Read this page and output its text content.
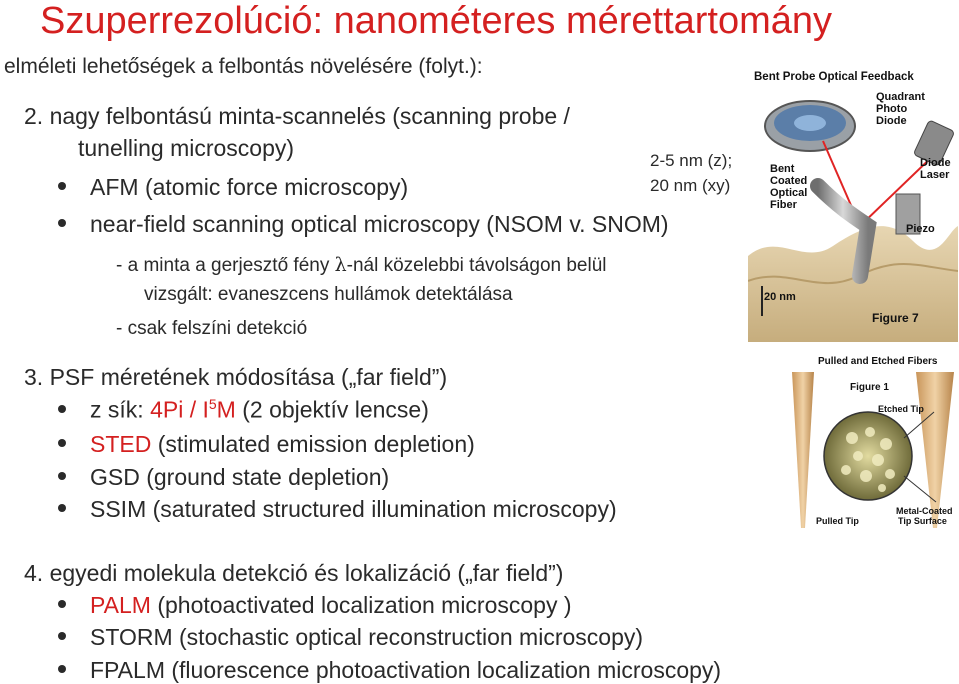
Szuperrezolúció: nanométeres mérettartomány
elméleti lehetőségek a felbontás növelésére (folyt.):
2. nagy felbontású minta-scannelés (scanning probe /
tunelling microscopy)	2-5 nm (z);
20 nm (xy)
AFM (atomic force microscopy)
near-field scanning optical microscopy (NSOM v. SNOM)
- a minta a gerjesztő fény λ-nál közelebbi távolságon belül
vizsgált: evaneszcens hullámok detektálása
- csak felszíni detekció
3. PSF méretének módosítása („far field”)
z sík: $4Pi / I^5M$ (2 objektív lencse)
STED (stimulated emission depletion)
GSD (ground state depletion)
SSIM (saturated structured illumination microscopy)
4. egyedi molekula detekció és lokalizáció („far field”)
PALM (photoactivated localization microscopy )
STORM (stochastic optical reconstruction microscopy)
FPALM (fluorescence photoactivation localization microscopy)
Bent Probe Optical Feedback
Quadrant
Photo
Diode
Bent
Coated
Optical
Fiber
Diode
Laser
Piezo
20 nm
Figure 7
Pulled and Etched Fibers
Figure 1
Etched Tip
Pulled Tip
Metal-Coated
Tip Surface
